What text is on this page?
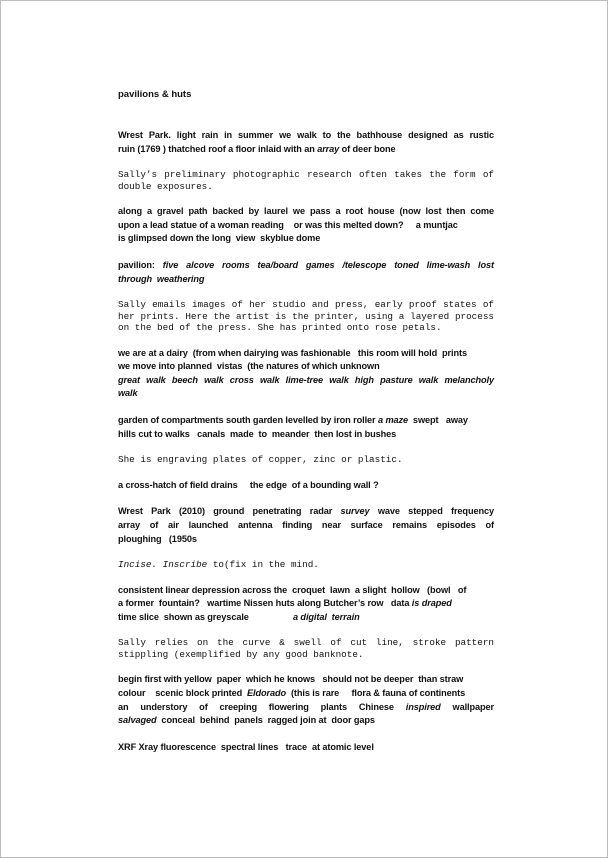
pavilions & huts
Wrest Park. light rain in summer we walk to the bathhouse designed as rustic
ruin (1769 ) thatched roof a floor inlaid with an array of deer bone
Sally’s preliminary photographic research often takes the form of double exposures.
along a gravel path backed by laurel we pass a root house (now lost then come
upon a lead statue of a woman reading    or was this melted down?     a muntjac
is glimpsed down the long  view  skyblue dome
pavilion: five alcove rooms tea/board games /telescope toned lime-wash lost
through  weathering
Sally emails images of her studio and press, early proof states of her prints. Here the artist is the printer, using a layered process on the bed of the press. She has printed onto rose petals.
we are at a dairy  (from when dairying was fashionable   this room will hold  prints
we move into planned  vistas  (the natures of which unknown
great walk beech walk cross walk lime-tree walk high pasture walk melancholy
walk
garden of compartments south garden levelled by iron roller a maze  swept   away
hills cut to walks   canals  made  to  meander  then lost in bushes
She is engraving plates of copper, zinc or plastic.
a cross-hatch of field drains     the edge  of a bounding wall ?
Wrest Park (2010) ground penetrating radar survey wave stepped frequency
array of air launched antenna finding near surface remains episodes of
ploughing   (1950s
Incise. Inscribe to(fix in the mind.
consistent linear depression across the  croquet  lawn  a slight  hollow   (bowl   of
a former  fountain?   wartime Nissen huts along Butcher’s row   data is draped
time slice  shown as greyscale	a digital  terrain
Sally relies on the curve & swell of cut line, stroke pattern stippling (exemplified by any good banknote.
begin first with yellow  paper  which he knows   should not be deeper  than straw
colour    scenic block printed  Eldorado  (this is rare     flora & fauna of continents
an understory of creeping flowering plants Chinese inspired wallpaper
salvaged  conceal  behind  panels  ragged join at  door gaps
XRF Xray fluorescence  spectral lines   trace  at atomic level
